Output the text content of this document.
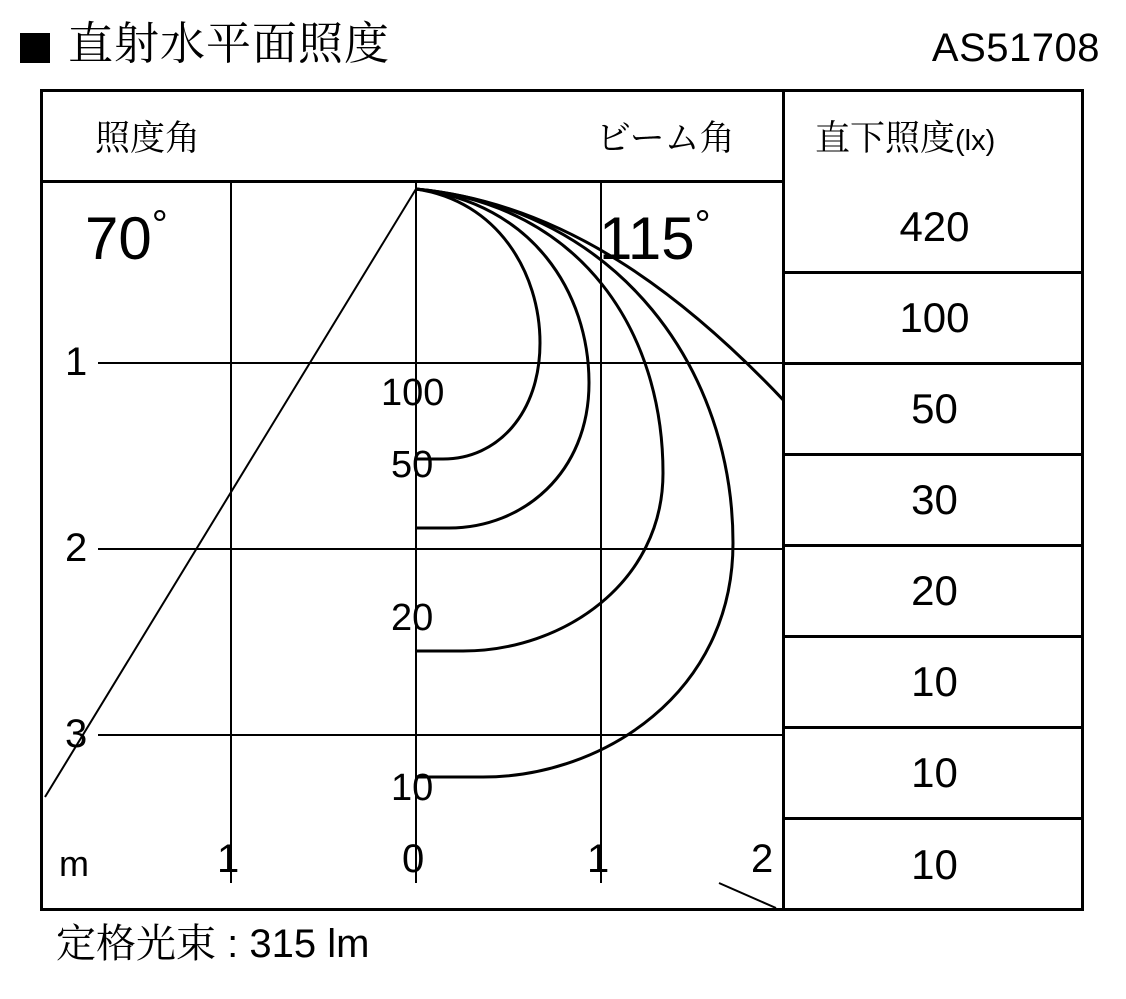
直射水平面照度	AS51708
照度角	ビーム角 直下照度(lx)
70°	115°
1
2
3
m	1	0	1	2
100
50
20
10
420
100
50
30
20
10
10
10
定格光束 : 315 lm
